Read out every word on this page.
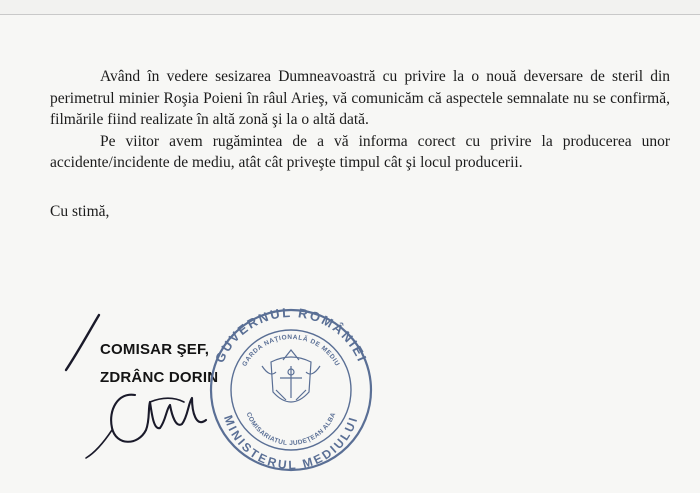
Având în vedere sesizarea Dumneavoastră cu privire la o nouă deversare de steril din perimetrul minier Roşia Poieni în râul Arieş, vă comunicăm că aspectele semnalate nu se confirmă, filmările fiind realizate în altă zonă şi la o altă dată.

Pe viitor avem rugămintea de a vă informa corect cu privire la producerea unor accidente/incidente de mediu, atât cât priveşte timpul cât şi locul producerii.

Cu stimă,
COMISAR ŞEF,
ZDRÂNC DORIN
GUVERNUL ROMÂNIEI
MINISTERUL MEDIULUI
GARDA NAŢIONALĂ DE MEDIU
COMISARIATUL JUDEŢEAN ALBA
